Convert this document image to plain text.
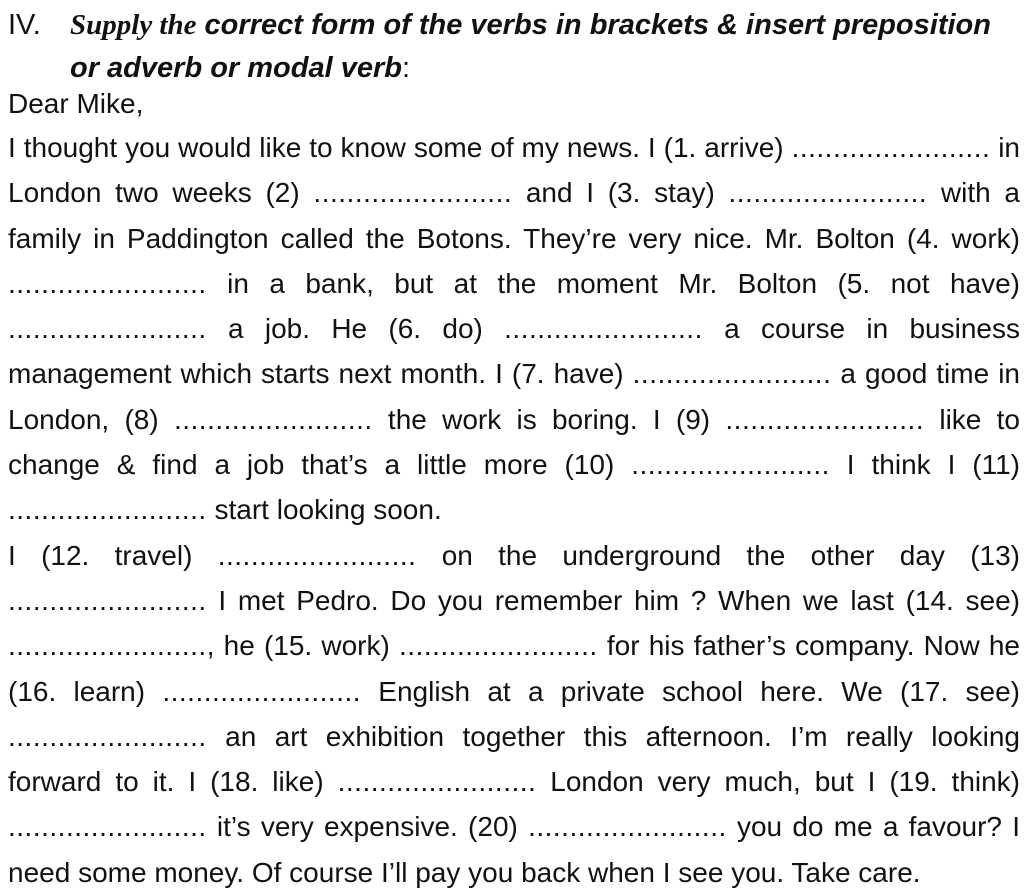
IV. Supply the correct form of the verbs in brackets & insert preposition
or adverb or modal verb:
Dear Mike,

I thought you would like to know some of my news. I (1. arrive) ........................ in London two weeks (2) ........................ and I (3. stay) ........................ with a family in Paddington called the Botons. They’re very nice. Mr. Bolton (4. work) ........................ in a bank, but at the moment Mr. Bolton (5. not have) ........................ a job. He (6. do) ........................ a course in business management which starts next month. I (7. have) ........................ a good time in London, (8) ........................ the work is boring. I (9) ........................ like to change & find a job that’s a little more (10) ........................ I think I (11) ........................ start looking soon.

I (12. travel) ........................ on the underground the other day (13) ........................ I met Pedro. Do you remember him ? When we last (14. see) ........................, he (15. work) ........................ for his father’s company. Now he (16. learn) ........................ English at a private school here. We (17. see) ........................ an art exhibition together this afternoon. I’m really looking forward to it. I (18. like) ........................ London very much, but I (19. think) ........................ it’s very expensive. (20) ........................ you do me a favour? I need some money. Of course I’ll pay you back when I see you. Take care.
